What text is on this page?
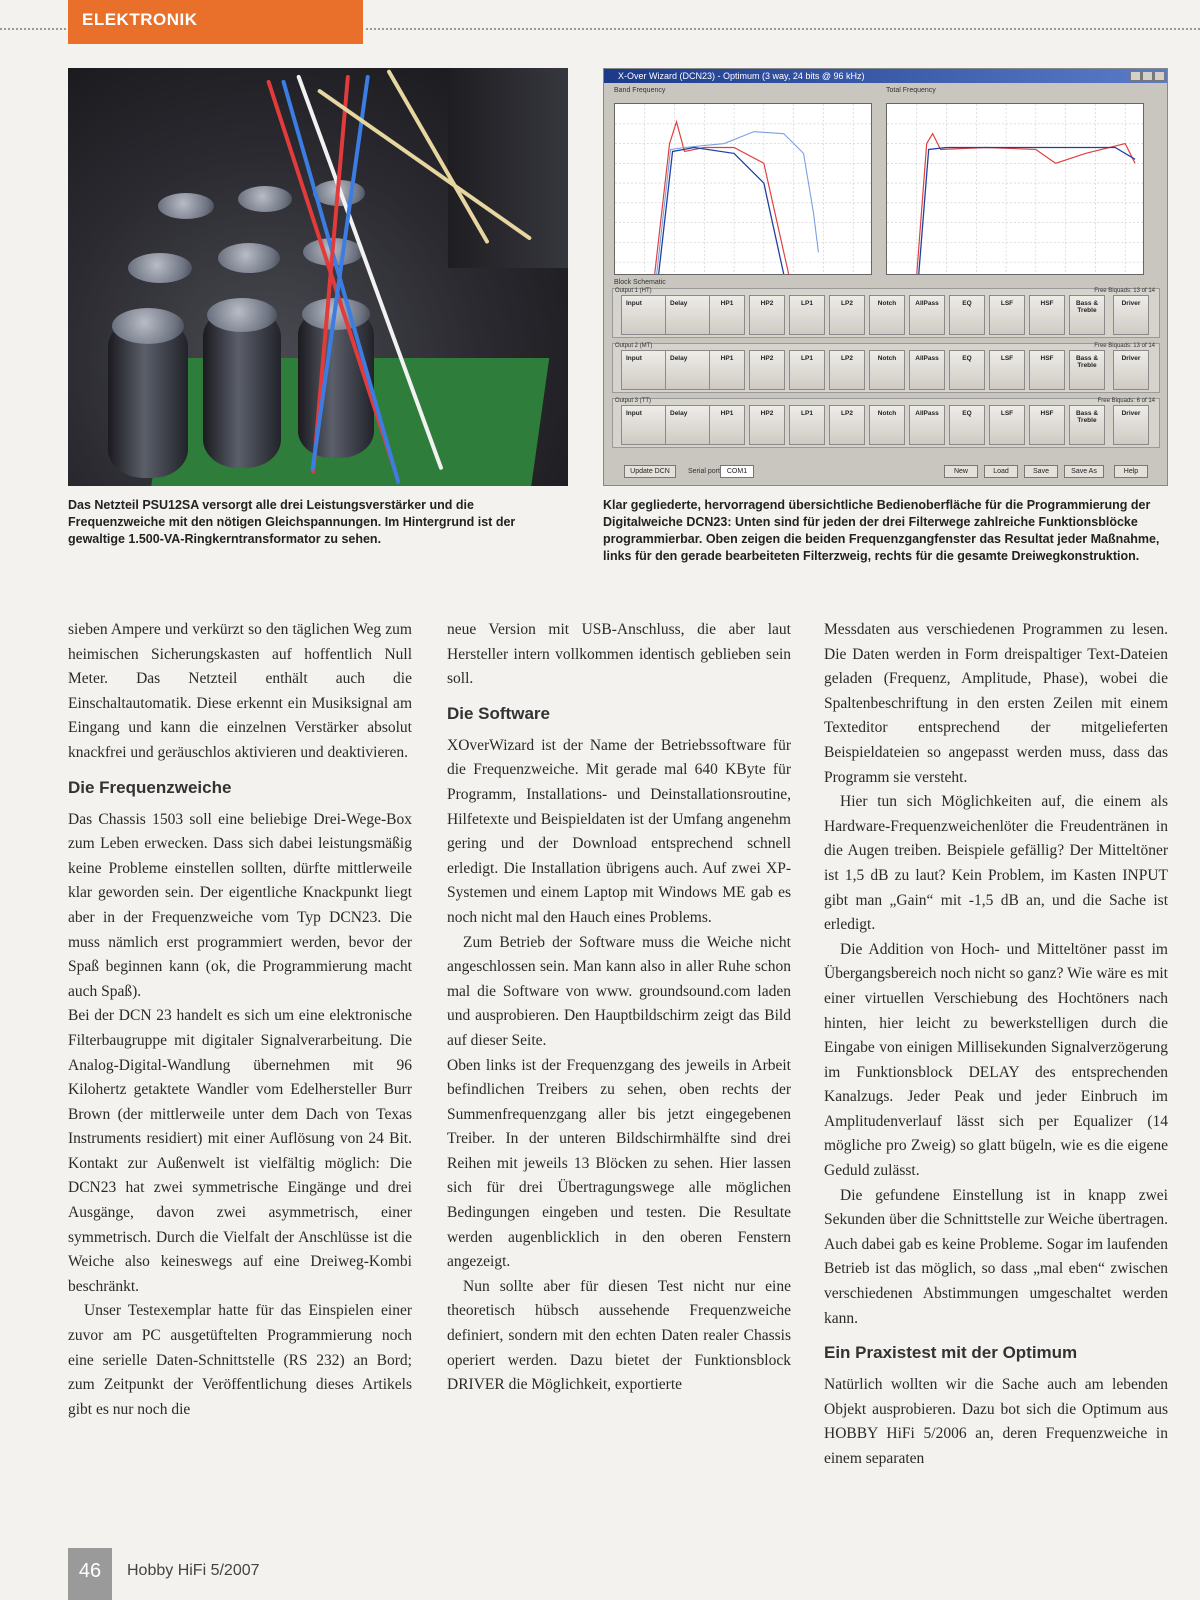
ELEKTRONIK
Das Netzteil PSU12SA versorgt alle drei Leistungsverstärker und die Frequenzweiche mit den nötigen Gleichspannungen. Im Hintergrund ist der gewaltige 1.500-VA-Ringkerntransformator zu sehen.
X-Over Wizard (DCN23) - Optimum (3 way, 24 bits @ 96 kHz)
Band Frequency	Total Frequency
Block Schematic
Output 1 (HT)	Free Biquads: 13 of 14
Input	Delay	HP1	HP2	LP1	LP2	Notch	AllPass	EQ	LSF	HSF	Bass & Treble
Driver
Output 2 (MT)	Free Biquads: 13 of 14
Input	Delay	HP1	HP2	LP1	LP2	Notch	AllPass	EQ	LSF	HSF	Bass & Treble
Driver
Output 3 (TT)	Free Biquads: 6 of 14
Input	Delay	HP1	HP2	LP1	LP2	Notch	AllPass	EQ	LSF	HSF	Bass & Treble
Driver
Update DCN	Serial port COM1	New	Load	Save	Save As	Help
Klar gegliederte, hervorragend übersichtliche Bedienoberfläche für die Programmierung der Digitalweiche DCN23: Unten sind für jeden der drei Filterwege zahlreiche Funktionsblöcke programmierbar. Oben zeigen die beiden Frequenzgangfenster das Resultat jeder Maßnahme, links für den gerade bearbeiteten Filterzweig, rechts für die gesamte Dreiwegkonstruktion.

sieben Ampere und verkürzt so den täglichen Weg zum heimischen Sicherungskasten auf hoffentlich Null Meter. Das Netzteil enthält auch die Einschaltautomatik. Diese erkennt ein Musiksignal am Eingang und kann die einzelnen Verstärker absolut knackfrei und geräuschlos aktivieren und deaktivieren.

Die Frequenzweiche

Das Chassis 1503 soll eine beliebige Drei-Wege-Box zum Leben erwecken. Dass sich dabei leistungsmäßig keine Probleme einstellen sollten, dürfte mittlerweile klar geworden sein. Der eigentliche Knackpunkt liegt aber in der Frequenzweiche vom Typ DCN23. Die muss nämlich erst programmiert werden, bevor der Spaß beginnen kann (ok, die Programmierung macht auch Spaß).

Bei der DCN 23 handelt es sich um eine elektronische Filterbaugruppe mit digitaler Signalverarbeitung. Die Analog-Digital-Wandlung übernehmen mit 96 Kilohertz getaktete Wandler vom Edelhersteller Burr Brown (der mittlerweile unter dem Dach von Texas Instruments residiert) mit einer Auflösung von 24 Bit. Kontakt zur Außenwelt ist vielfältig möglich: Die DCN23 hat zwei symmetrische Eingänge und drei Ausgänge, davon zwei asymmetrisch, einer symmetrisch. Durch die Vielfalt der Anschlüsse ist die Weiche also keineswegs auf eine Dreiweg-Kombi beschränkt.

Unser Testexemplar hatte für das Einspielen einer zuvor am PC ausgetüftelten Programmierung noch eine serielle Daten-Schnittstelle (RS 232) an Bord; zum Zeitpunkt der Veröffentlichung dieses Artikels gibt es nur noch die

neue Version mit USB-Anschluss, die aber laut Hersteller intern vollkommen identisch geblieben sein soll.

Die Software

XOverWizard ist der Name der Betriebssoftware für die Frequenzweiche. Mit gerade mal 640 KByte für Programm, Installations- und Deinstallationsroutine, Hilfetexte und Beispieldaten ist der Umfang angenehm gering und der Download entsprechend schnell erledigt. Die Installation übrigens auch. Auf zwei XP-Systemen und einem Laptop mit Windows ME gab es noch nicht mal den Hauch eines Problems.

Zum Betrieb der Software muss die Weiche nicht angeschlossen sein. Man kann also in aller Ruhe schon mal die Software von www. groundsound.com laden und ausprobieren. Den Hauptbildschirm zeigt das Bild auf dieser Seite.

Oben links ist der Frequenzgang des jeweils in Arbeit befindlichen Treibers zu sehen, oben rechts der Summenfrequenzgang aller bis jetzt eingegebenen Treiber. In der unteren Bildschirmhälfte sind drei Reihen mit jeweils 13 Blöcken zu sehen. Hier lassen sich für drei Übertragungswege alle möglichen Bedingungen eingeben und testen. Die Resultate werden augenblicklich in den oberen Fenstern angezeigt.

Nun sollte aber für diesen Test nicht nur eine theoretisch hübsch aussehende Frequenzweiche definiert, sondern mit den echten Daten realer Chassis operiert werden. Dazu bietet der Funktionsblock DRIVER die Möglichkeit, exportierte

Messdaten aus verschiedenen Programmen zu lesen. Die Daten werden in Form dreispaltiger Text-Dateien geladen (Frequenz, Amplitude, Phase), wobei die Spaltenbeschriftung in den ersten Zeilen mit einem Texteditor entsprechend der mitgelieferten Beispieldateien so angepasst werden muss, dass das Programm sie versteht.

Hier tun sich Möglichkeiten auf, die einem als Hardware-Frequenzweichenlöter die Freudentränen in die Augen treiben. Beispiele gefällig? Der Mitteltöner ist 1,5 dB zu laut? Kein Problem, im Kasten INPUT gibt man „Gain“ mit -1,5 dB an, und die Sache ist erledigt.

Die Addition von Hoch- und Mitteltöner passt im Übergangsbereich noch nicht so ganz? Wie wäre es mit einer virtuellen Verschiebung des Hochtöners nach hinten, hier leicht zu bewerkstelligen durch die Eingabe von einigen Millisekunden Signalverzögerung im Funktionsblock DELAY des entsprechenden Kanalzugs. Jeder Peak und jeder Einbruch im Amplitudenverlauf lässt sich per Equalizer (14 mögliche pro Zweig) so glatt bügeln, wie es die eigene Geduld zulässt.

Die gefundene Einstellung ist in knapp zwei Sekunden über die Schnittstelle zur Weiche übertragen. Auch dabei gab es keine Probleme. Sogar im laufenden Betrieb ist das möglich, so dass „mal eben“ zwischen verschiedenen Abstimmungen umgeschaltet werden kann.

Ein Praxistest mit der Optimum

Natürlich wollten wir die Sache auch am lebenden Objekt ausprobieren. Dazu bot sich die Optimum aus HOBBY HiFi 5/2006 an, deren Frequenzweiche in einem separaten

46	Hobby HiFi 5/2007
